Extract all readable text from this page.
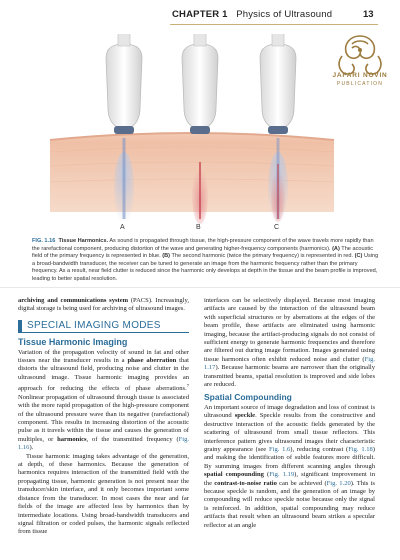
CHAPTER 1 Physics of Ultrasound	13
JAFARI NOVIN
PUBLICATION
A	B	C
FIG. 1.16 Tissue Harmonics. As sound is propagated through tissue, the high-pressure component of the wave travels more rapidly than the rarefactional component, producing distortion of the wave and generating higher-frequency components (harmonics). (A) The acoustic field of the primary frequency is represented in blue. (B) The second harmonic (twice the primary frequency) is represented in red. (C) Using a broad-bandwidth transducer, the receiver can be tuned to generate an image from the harmonic frequency rather than the primary frequency. As a result, near field clutter is reduced since the harmonic only develops at depth in the tissue and the beam profile is improved, leading to better spatial resolution.

archiving and communications system (PACS). Increasingly, digital storage is being used for archiving of ultrasound images.

SPECIAL IMAGING MODES
Tissue Harmonic Imaging

Variation of the propagation velocity of sound in fat and other tissues near the transducer results in a phase aberration that distorts the ultrasound field, producing noise and clutter in the ultrasound image. Tissue harmonic imaging provides an approach for reducing the effects of phase aberrations.$^7$ Nonlinear propagation of ultrasound through tissue is associated with the more rapid propagation of the high-pressure component of the ultrasound pressure wave than its negative (rarefactional) component. This results in increasing distortion of the acoustic pulse as it travels within the tissue and causes the generation of multiples, or harmonics, of the transmitted frequency (Fig. 1.16).

Tissue harmonic imaging takes advantage of the generation, at depth, of these harmonics. Because the generation of harmonics requires interaction of the transmitted field with the propagating tissue, harmonic generation is not present near the transducer/skin interface, and it only becomes important some distance from the transducer. In most cases the near and far fields of the image are affected less by harmonics than by intermediate locations. Using broad-bandwidth transducers and signal filtration or coded pulses, the harmonic signals reflected from tissue

interfaces can be selectively displayed. Because most imaging artifacts are caused by the interaction of the ultrasound beam with superficial structures or by aberrations at the edges of the beam profile, these artifacts are eliminated using harmonic imaging, because the artifact-producing signals do not consist of sufficient energy to generate harmonic frequencies and therefore are filtered out during image formation. Images generated using tissue harmonics often exhibit reduced noise and clutter (Fig. 1.17). Because harmonic beams are narrower than the originally transmitted beams, spatial resolution is improved and side lobes are reduced.

Spatial Compounding

An important source of image degradation and loss of contrast is ultrasound speckle. Speckle results from the constructive and destructive interaction of the acoustic fields generated by the scattering of ultrasound from small tissue reflectors. This interference pattern gives ultrasound images their characteristic grainy appearance (see Fig. 1.6), reducing contrast (Fig. 1.18) and making the identification of subtle features more difficult. By summing images from different scanning angles through spatial compounding (Fig. 1.19), significant improvement in the contrast-to-noise ratio can be achieved (Fig. 1.20). This is because speckle is random, and the generation of an image by compounding will reduce speckle noise because only the signal is reinforced. In addition, spatial compounding may reduce artifacts that result when an ultrasound beam strikes a specular reflector at an angle
